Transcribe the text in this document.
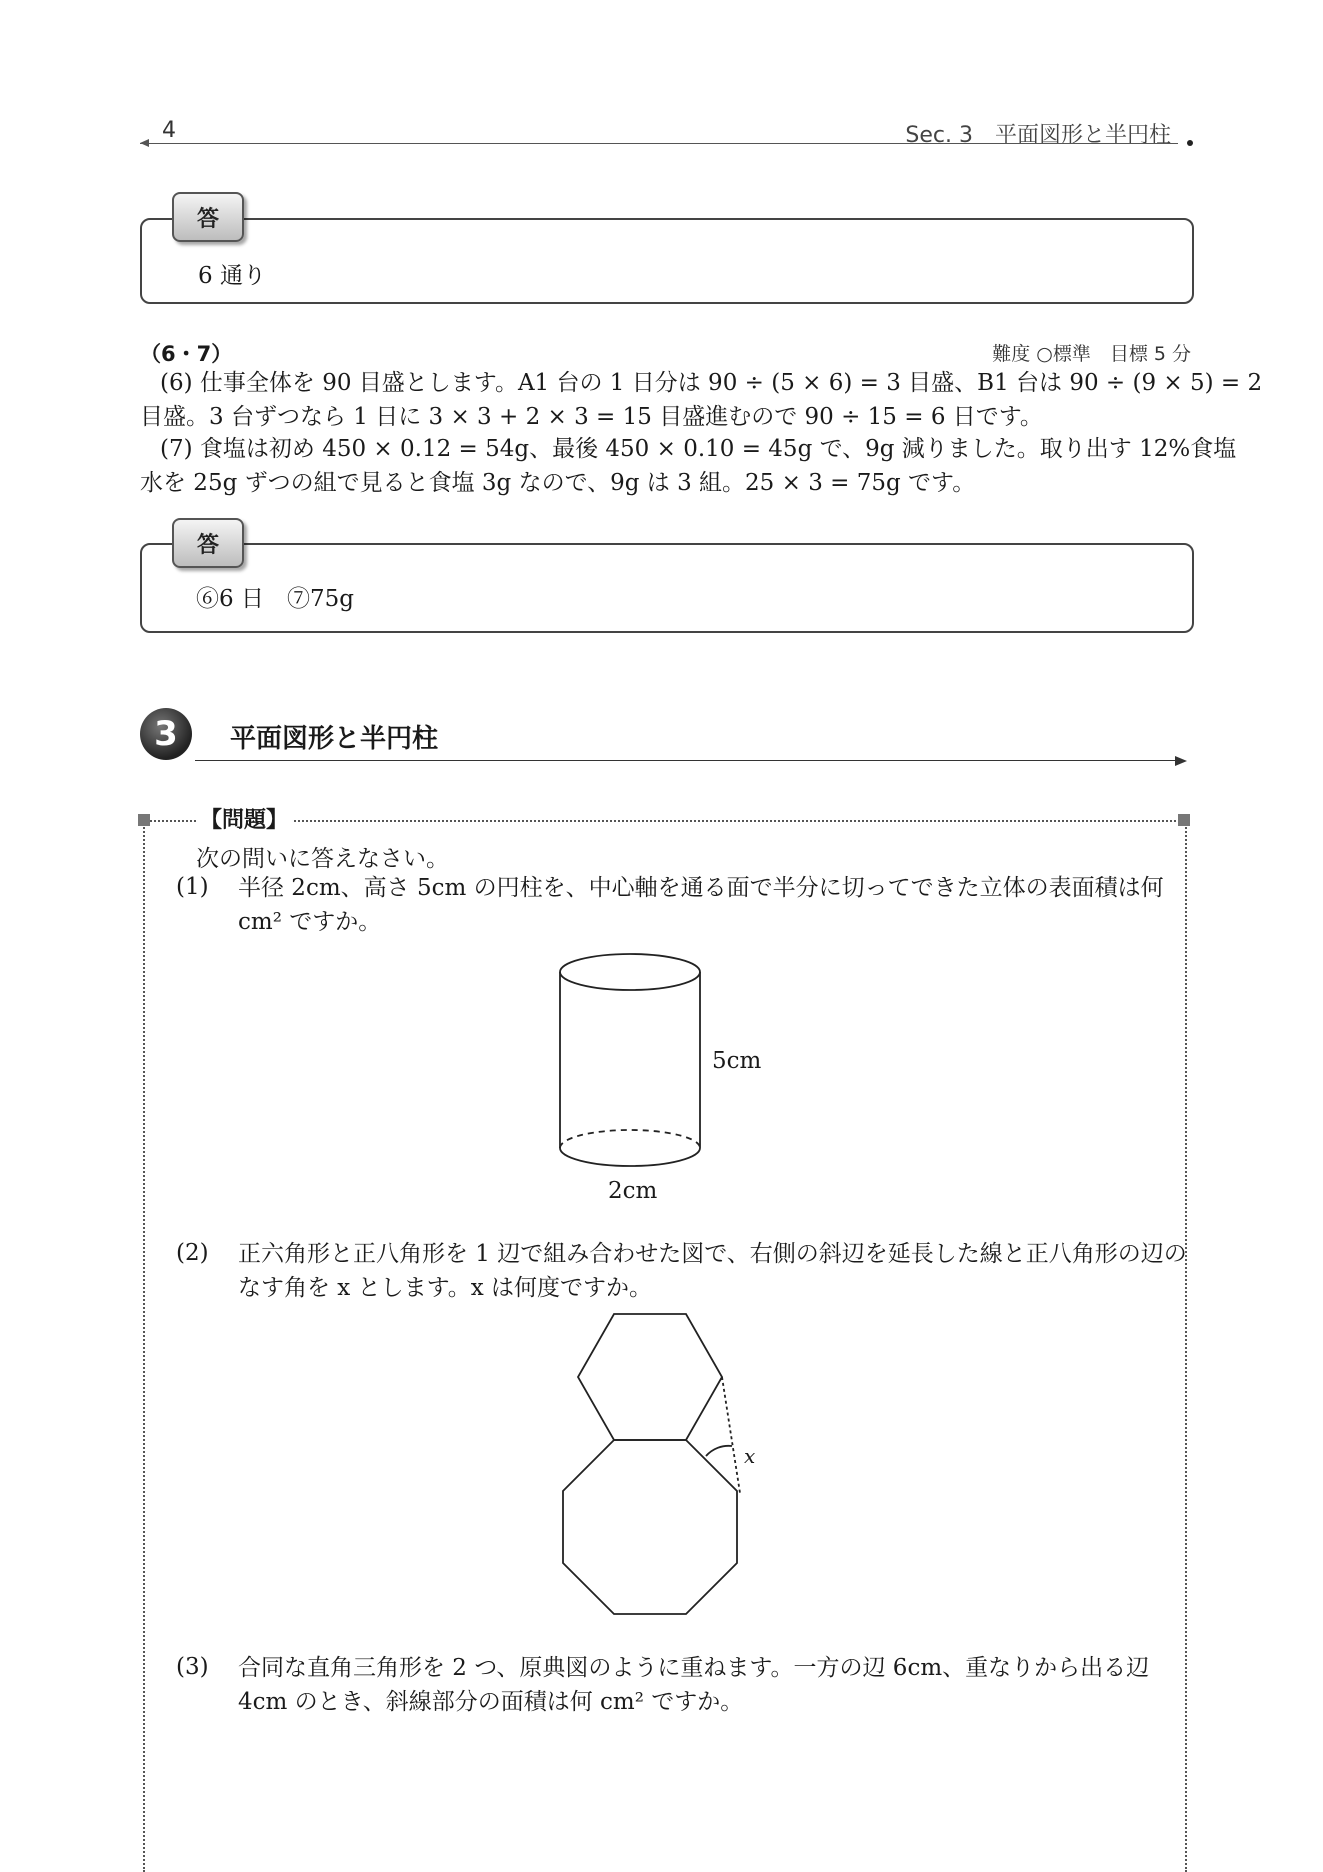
4	Sec. 3　平面図形と半円柱
答
6 通り
（6・7）	難度 ○標準　目標 5 分
(6) 仕事全体を 90 目盛とします。A1 台の 1 日分は 90 ÷ (5 × 6) = 3 目盛、B1 台は 90 ÷ (9 × 5) = 2
目盛。3 台ずつなら 1 日に 3 × 3 + 2 × 3 = 15 目盛進むので 90 ÷ 15 = 6 日です。
(7) 食塩は初め 450 × 0.12 = 54g、最後 450 × 0.10 = 45g で、9g 減りました。取り出す 12%食塩
水を 25g ずつの組で見ると食塩 3g なので、9g は 3 組。25 × 3 = 75g です。
答
⑥6 日　⑦75g
3	平面図形と半円柱
【問題】
次の問いに答えなさい。
(1) 半径 2cm、高さ 5cm の円柱を、中心軸を通る面で半分に切ってできた立体の表面積は何 cm² ですか。
(2) 正六角形と正八角形を 1 辺で組み合わせた図で、右側の斜辺を延長した線と正八角形の辺のなす角を x とします。x は何度ですか。
(3) 合同な直角三角形を 2 つ、原典図のように重ねます。一方の辺 6cm、重なりから出る辺 4cm のとき、斜線部分の面積は何 cm² ですか。
5cm
2cm
x
